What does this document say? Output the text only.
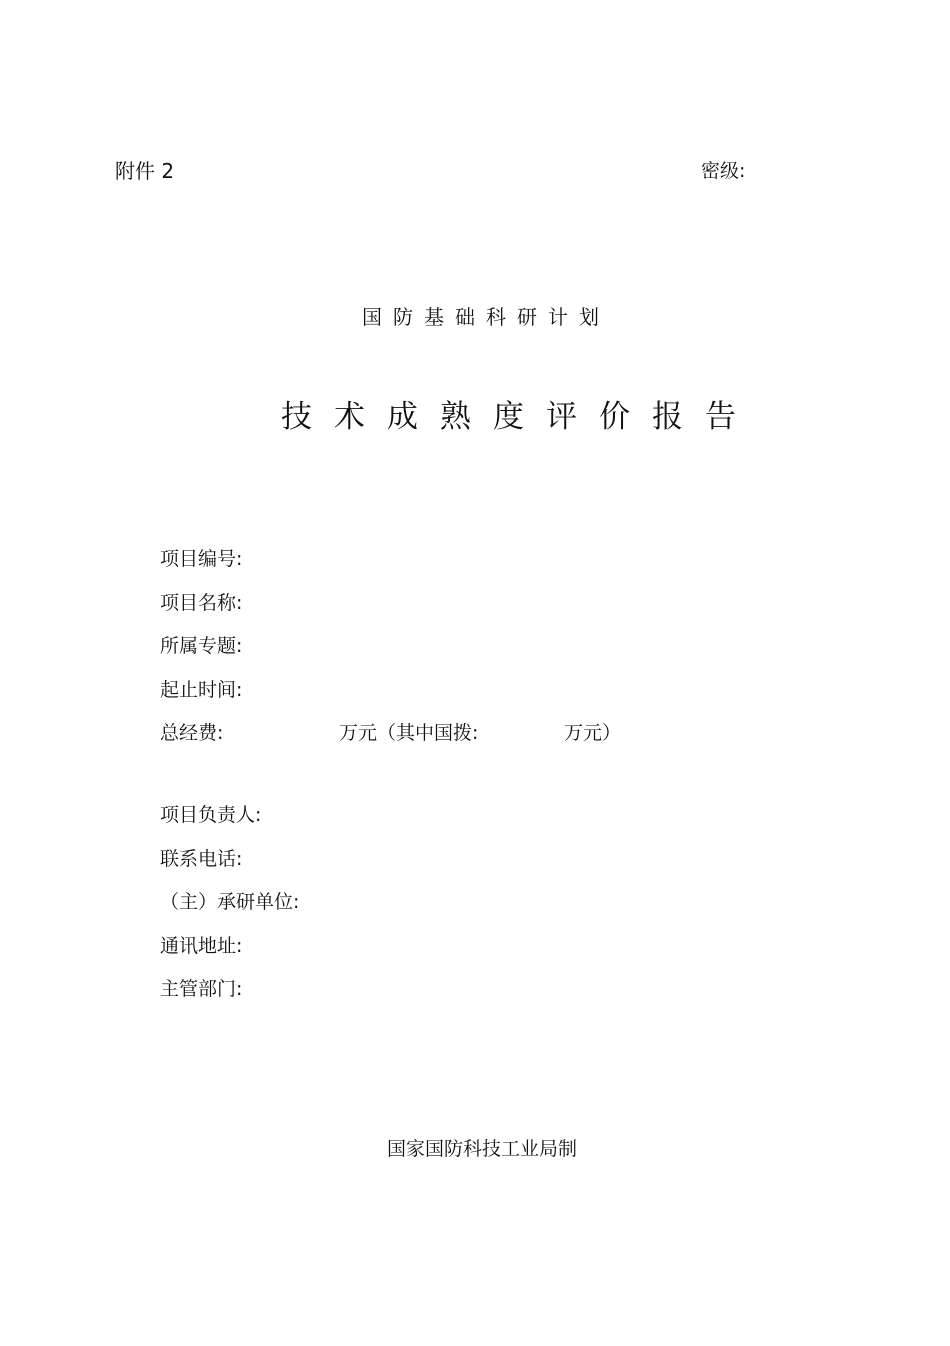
附件 2	密级:
国防基础科研计划
技术成熟度评价报告
项目编号:
项目名称:
所属专题:
起止时间:
总经费:	万元（其中国拨:	万元）
项目负责人:
联系电话:
（主）承研单位:
通讯地址:
主管部门:
国家国防科技工业局制
